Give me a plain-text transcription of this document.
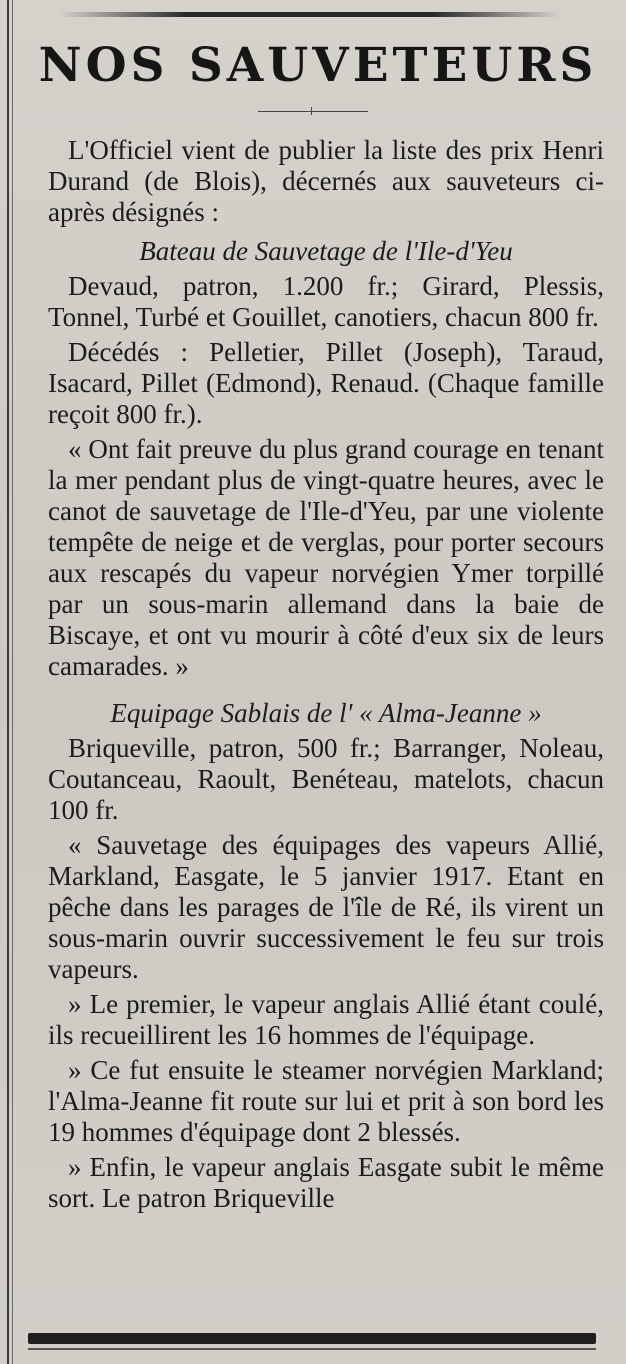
NOS SAUVETEURS

L'Officiel vient de publier la liste des prix Henri Durand (de Blois), décernés aux sauveteurs ci-après désignés :

Bateau de Sauvetage de l'Ile-d'Yeu

Devaud, patron, 1.200 fr.; Girard, Plessis, Tonnel, Turbé et Gouillet, canotiers, chacun 800 fr.

Décédés : Pelletier, Pillet (Joseph), Taraud, Isacard, Pillet (Edmond), Renaud. (Chaque famille reçoit 800 fr.).

« Ont fait preuve du plus grand courage en tenant la mer pendant plus de vingt-quatre heures, avec le canot de sauvetage de l'Ile-d'Yeu, par une violente tempête de neige et de verglas, pour porter secours aux rescapés du vapeur norvégien Ymer torpillé par un sous-marin allemand dans la baie de Biscaye, et ont vu mourir à côté d'eux six de leurs camarades. »

Equipage Sablais de l' « Alma-Jeanne »

Briqueville, patron, 500 fr.; Barranger, Noleau, Coutanceau, Raoult, Benéteau, matelots, chacun 100 fr.

« Sauvetage des équipages des vapeurs Allié, Markland, Easgate, le 5 janvier 1917. Etant en pêche dans les parages de l'île de Ré, ils virent un sous-marin ouvrir successivement le feu sur trois vapeurs.

» Le premier, le vapeur anglais Allié étant coulé, ils recueillirent les 16 hommes de l'équipage.

» Ce fut ensuite le steamer norvégien Markland; l'Alma-Jeanne fit route sur lui et prit à son bord les 19 hommes d'équipage dont 2 blessés.

» Enfin, le vapeur anglais Easgate subit le même sort. Le patron Briqueville
